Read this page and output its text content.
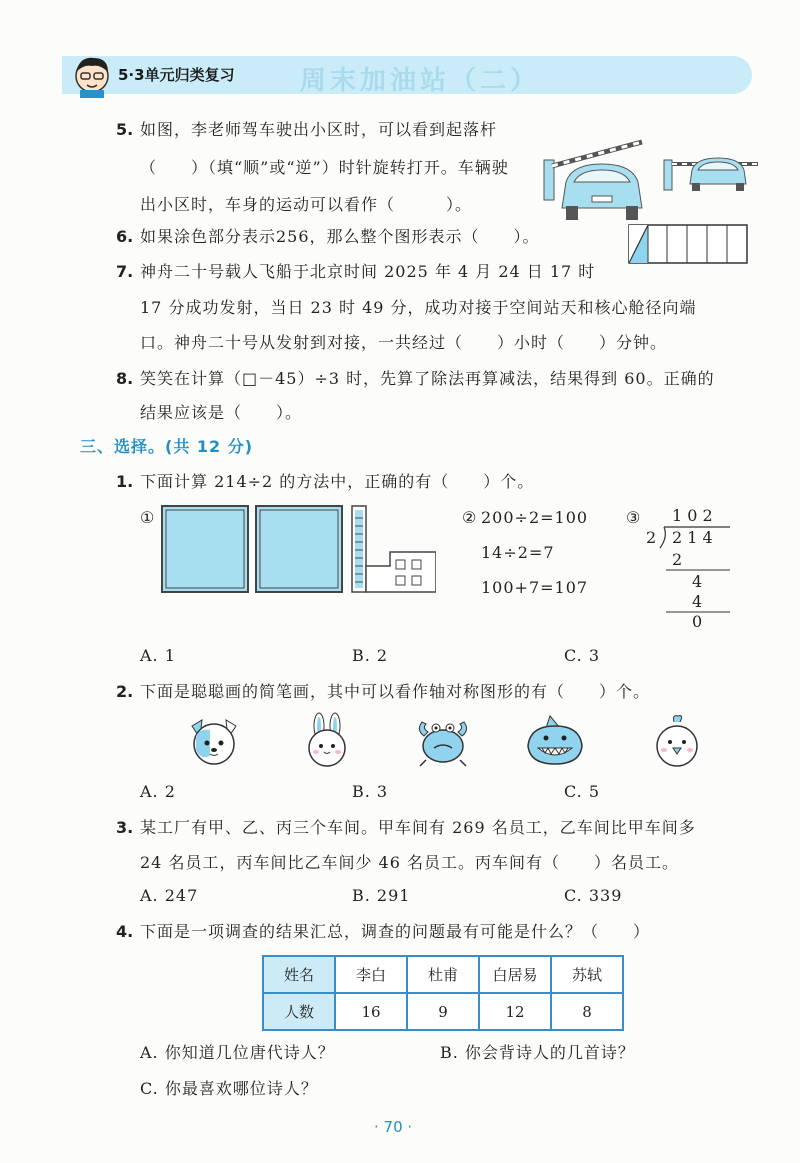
周末加油站（二）
5·3单元归类复习
5. 如图，李老师驾车驶出小区时，可以看到起落杆
（　　）（填“顺”或“逆”）时针旋转打开。车辆驶
出小区时，车身的运动可以看作（　　　）。
6. 如果涂色部分表示256，那么整个图形表示（　　）。
7. 神舟二十号载人飞船于北京时间 2025 年 4 月 24 日 17 时
17 分成功发射，当日 23 时 49 分，成功对接于空间站天和核心舱径向端
口。神舟二十号从发射到对接，一共经过（　　）小时（　　）分钟。
8. 笑笑在计算（□－45）÷3 时，先算了除法再算减法，结果得到 60。正确的
结果应该是（　　）。
三、选择。(共 12 分)
1. 下面计算 214÷2 的方法中，正确的有（　　）个。
①	② 200÷2=100
14÷2=7
100+7=107
③ 1 0 2
2 2 1 4
2
4
4
0
A. 1	B. 2	C. 3
2. 下面是聪聪画的简笔画，其中可以看作轴对称图形的有（　　）个。
A. 2	B. 3	C. 5
3. 某工厂有甲、乙、丙三个车间。甲车间有 269 名员工，乙车间比甲车间多
24 名员工，丙车间比乙车间少 46 名员工。丙车间有（　　）名员工。
A. 247	B. 291	C. 339
4. 下面是一项调查的结果汇总，调查的问题最有可能是什么？（　　）
姓名	李白	杜甫	白居易	苏轼
人数	16	9	12	8
A. 你知道几位唐代诗人？	B. 你会背诗人的几首诗？
C. 你最喜欢哪位诗人？
· 70 ·
